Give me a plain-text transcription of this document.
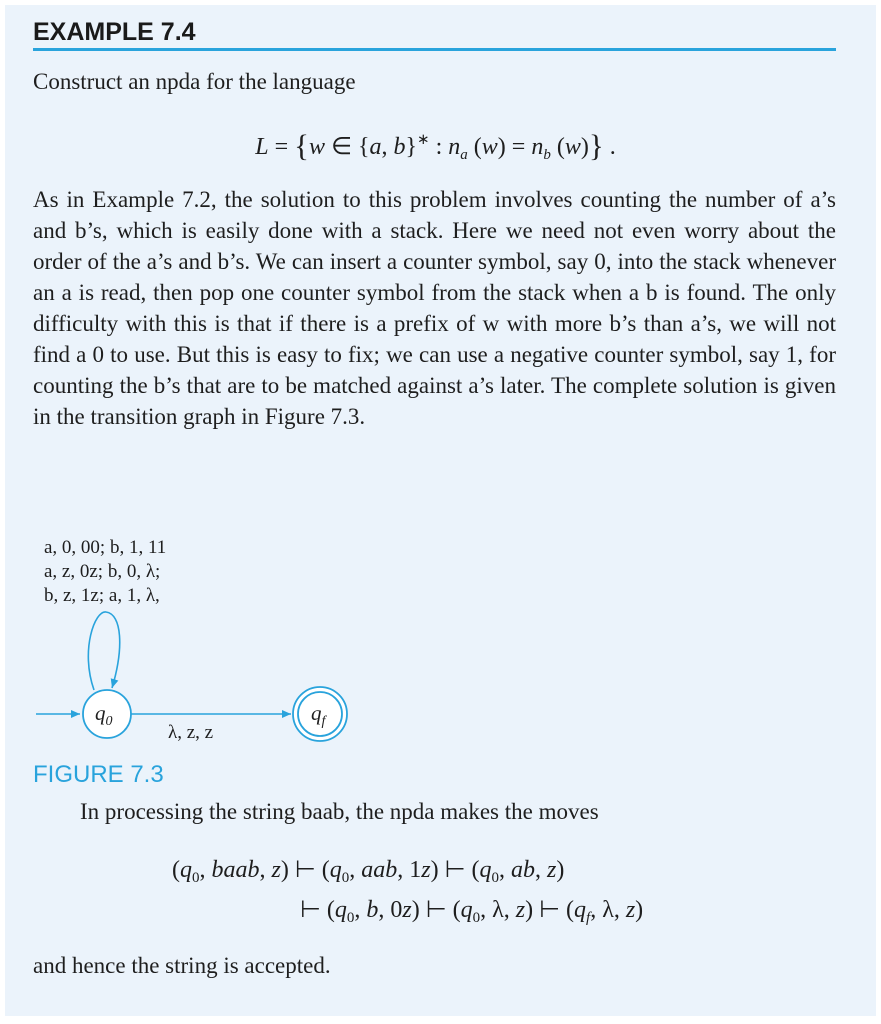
EXAMPLE 7.4
Construct an npda for the language
L = {w ∈ {a, b}∗ : $n_a$ $(w) = n_b$ (w)} .
As in Example 7.2, the solution to this problem involves counting the number of a’s and b’s, which is easily done with a stack. Here we need not even worry about the order of the a’s and b’s. We can insert a counter symbol, say 0, into the stack whenever an a is read, then pop one counter symbol from the stack when a b is found. The only difficulty with this is that if there is a prefix of w with more b’s than a’s, we will not find a 0 to use. But this is easy to fix; we can use a negative counter symbol, say 1, for counting the b’s that are to be matched against a’s later. The complete solution is given in the transition graph in Figure 7.3.
a, 0, 00; b, 1, 11
a, z, 0z; b, 0, λ;
b, z, 1z; a, 1, λ,
λ, z, z
$q_0$	$q_f$
FIGURE 7.3
In processing the string baab, the npda makes the moves
($q_0$, baab, z) ⊢ ($q_0$, aab, 1z) ⊢ ($q_0$, ab, z)
⊢ ($q_0$, b, 0z) ⊢ ($q_0$, λ, z) ⊢ ($q_f$, λ, z)
and hence the string is accepted.
